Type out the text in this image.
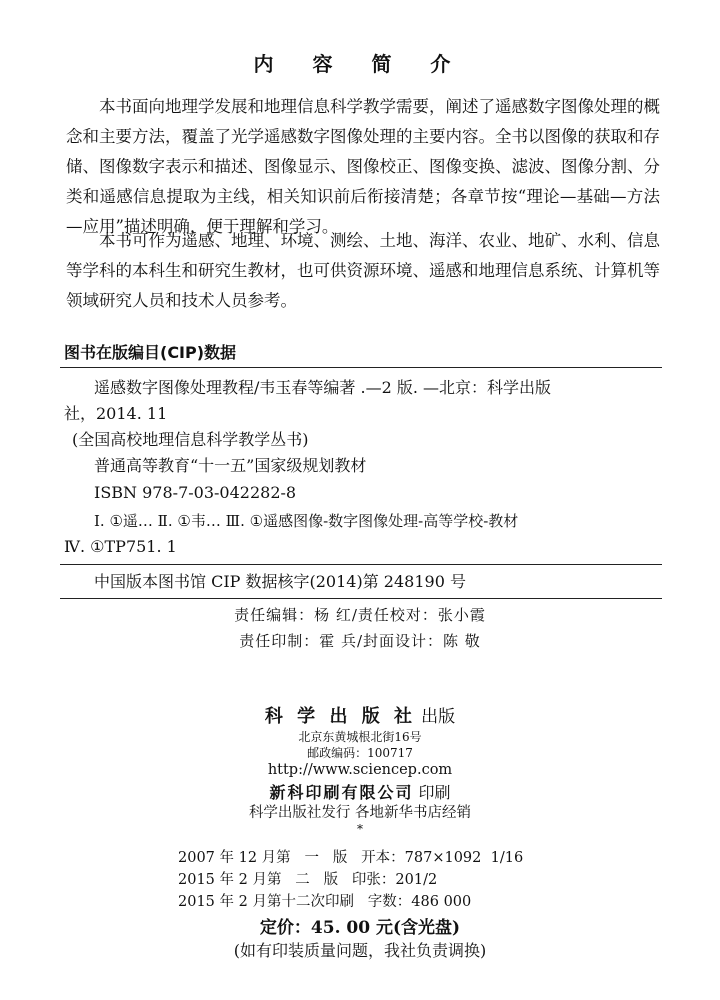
内 容 简 介

本书面向地理学发展和地理信息科学教学需要，阐述了遥感数字图像处理的概念和主要方法，覆盖了光学遥感数字图像处理的主要内容。全书以图像的获取和存储、图像数字表示和描述、图像显示、图像校正、图像变换、滤波、图像分割、分类和遥感信息提取为主线，相关知识前后衔接清楚；各章节按“理论—基础—方法—应用”描述明确，便于理解和学习。

本书可作为遥感、地理、环境、测绘、土地、海洋、农业、地矿、水利、信息等学科的本科生和研究生教材，也可供资源环境、遥感和地理信息系统、计算机等领域研究人员和技术人员参考。

图书在版编目(CIP)数据
遥感数字图像处理教程/韦玉春等编著 .—2 版. —北京：科学出版
社，2014. 11
(全国高校地理信息科学教学丛书)
普通高等教育“十一五”国家级规划教材
ISBN 978-7-03-042282-8
Ⅰ. ①遥… Ⅱ. ①韦… Ⅲ. ①遥感图像-数字图像处理-高等学校-教材
Ⅳ. ①TP751. 1
中国版本图书馆 CIP 数据核字(2014)第 248190 号
责任编辑：杨 红/责任校对：张小霞
责任印制：霍 兵/封面设计：陈 敬
科 学 出 版 社 出版
北京东黄城根北街16号
邮政编码：100717
http://www.sciencep.com
新科印刷有限公司 印刷
科学出版社发行 各地新华书店经销
*
2007 年 12 月第   一   版   开本：787×1092  1/16
2015 年 2 月第   二   版   印张：201/2
2015 年 2 月第十二次印刷   字数：486 000
定价：45. 00 元(含光盘)
(如有印装质量问题，我社负责调换)
